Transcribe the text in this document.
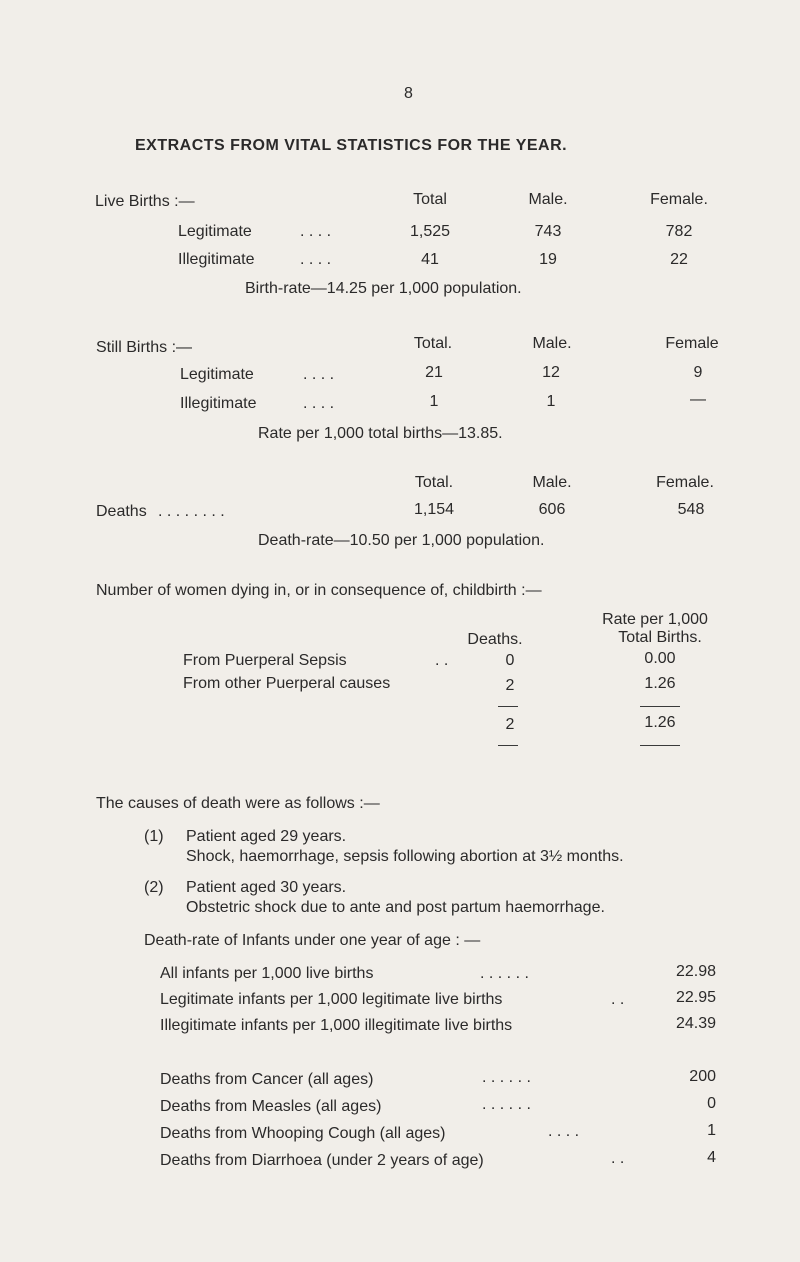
8
EXTRACTS FROM VITAL STATISTICS FOR THE YEAR.
Live Births :—	Total	Male.	Female.
Legitimate	. . . .	1,525	743	782
Illegitimate	. . . .	41	19	22
Birth-rate—14.25 per 1,000 population.
Still Births :—	Total.	Male.	Female
Legitimate	. . . .	21	12	9
Illegitimate	. . . .	1	1	—
Rate per 1,000 total births—13.85.
Total.	Male.	Female.
Deaths . . . . . . . .	1,154	606	548
Death-rate—10.50 per 1,000 population.
Number of women dying in, or in consequence of, childbirth :—
Rate per 1,000
Deaths.	Total Births.
From Puerperal Sepsis	. .	0	0.00
From other Puerperal causes	2	1.26
2	1.26
The causes of death were as follows :—
(1) Patient aged 29 years.
Shock, haemorrhage, sepsis following abortion at 3½ months.
(2) Patient aged 30 years.
Obstetric shock due to ante and post partum haemorrhage.
Death-rate of Infants under one year of age : —
All infants per 1,000 live births	. . . . . .	22.98
Legitimate infants per 1,000 legitimate live births	. .	22.95
Illegitimate infants per 1,000 illegitimate live births	24.39
Deaths from Cancer (all ages)	. . . . . .	200
Deaths from Measles (all ages)	. . . . . .	0
Deaths from Whooping Cough (all ages)	. . . .	1
Deaths from Diarrhoea (under 2 years of age)	. .	4
